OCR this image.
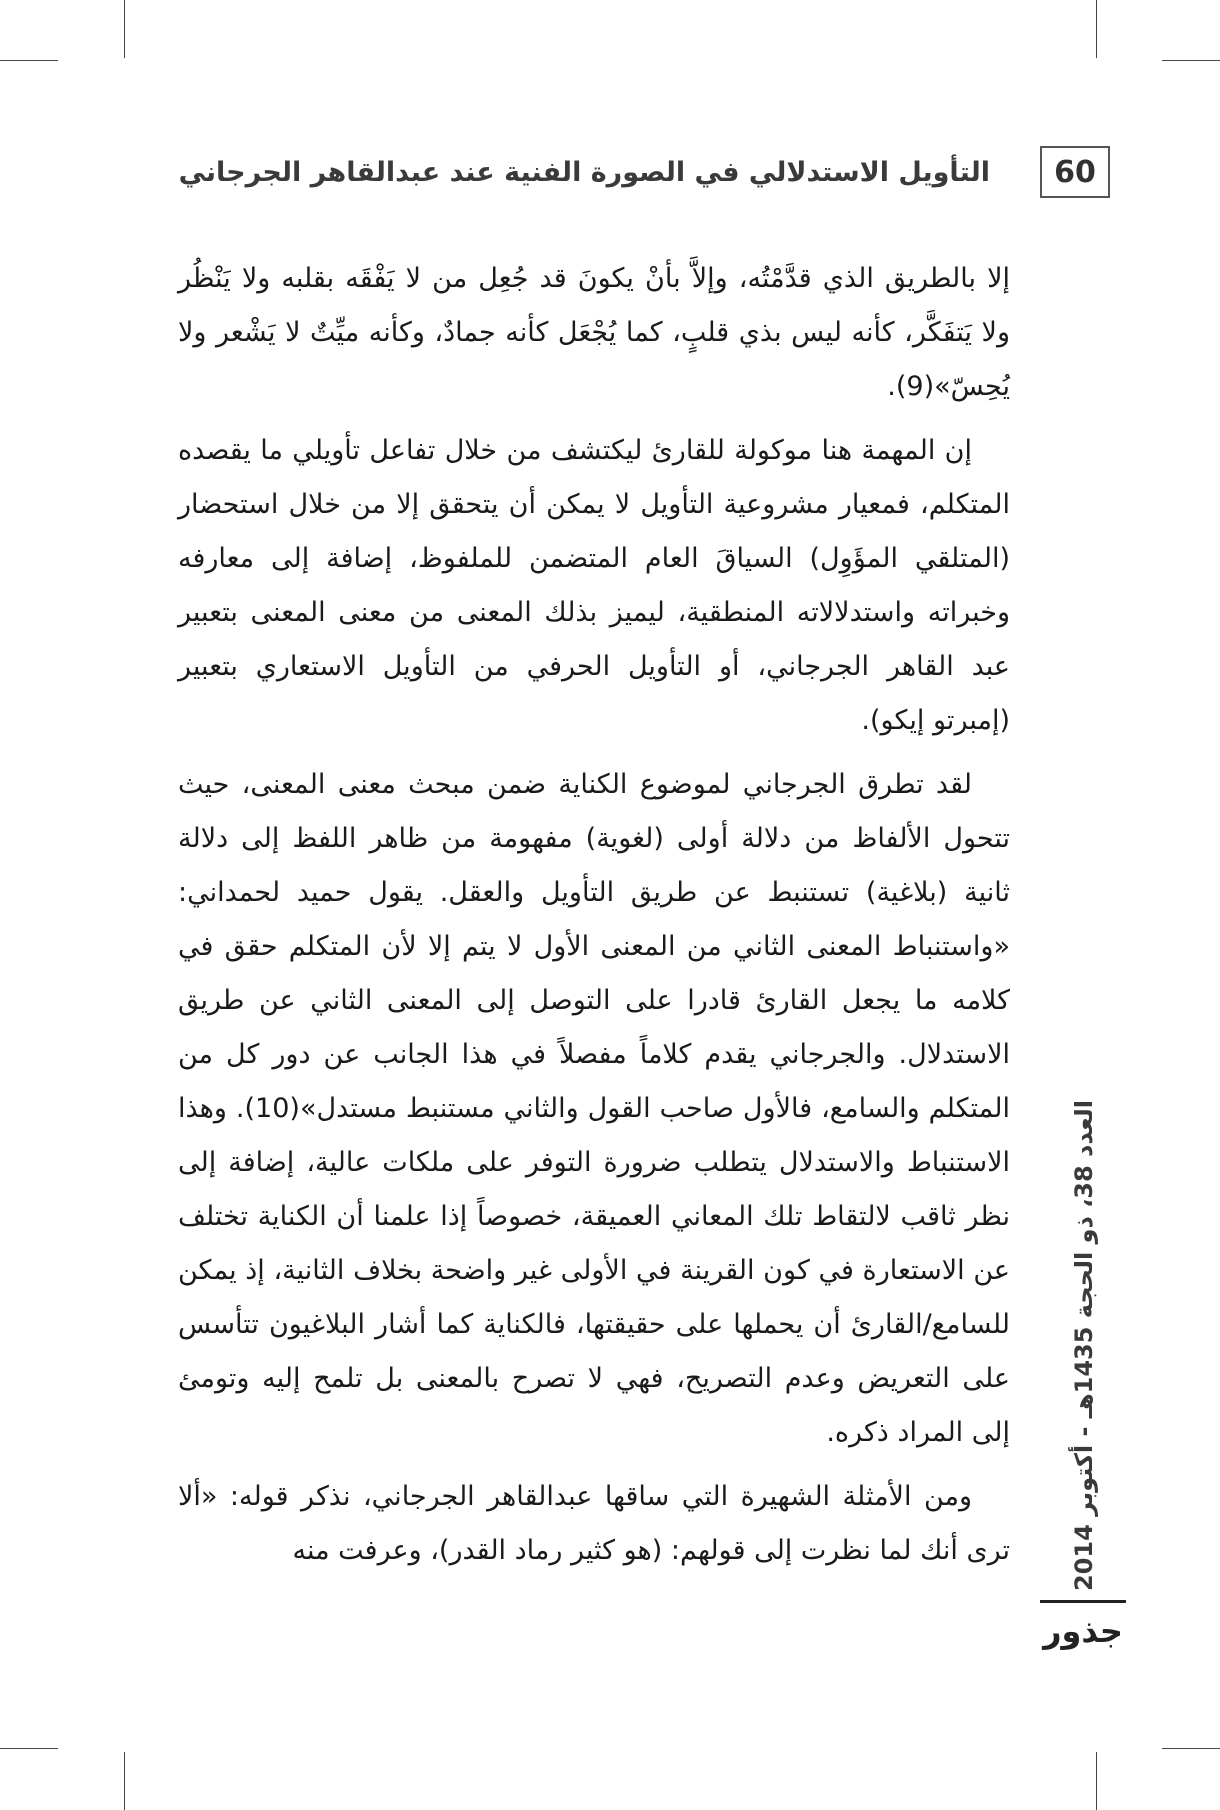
60
التأويل الاستدلالي في الصورة الفنية عند عبدالقاهر الجرجاني

إلا بالطريق الذي قدَّمْتُه، وإلاَّ بأنْ يكونَ قد جُعِل من لا يَفْقَه بقلبه ولا يَنْظُر ولا يَتفَكَّر، كأنه ليس بذي قلبٍ، كما يُجْعَل كأنه جمادٌ، وكأنه ميِّتٌ لا يَشْعر ولا يُحِسّ»(9).

إن المهمة هنا موكولة للقارئ ليكتشف من خلال تفاعل تأويلي ما يقصده المتكلم، فمعيار مشروعية التأويل لا يمكن أن يتحقق إلا من خلال استحضار (المتلقي المؤَوِل) السياقَ العام المتضمن للملفوظ، إضافة إلى معارفه وخبراته واستدلالاته المنطقية، ليميز بذلك المعنى من معنى المعنى بتعبير عبد القاهر الجرجاني، أو التأويل الحرفي من التأويل الاستعاري بتعبير (إمبرتو إيكو).

لقد تطرق الجرجاني لموضوع الكناية ضمن مبحث معنى المعنى، حيث تتحول الألفاظ من دلالة أولى (لغوية) مفهومة من ظاهر اللفظ إلى دلالة ثانية (بلاغية) تستنبط عن طريق التأويل والعقل. يقول حميد لحمداني: «واستنباط المعنى الثاني من المعنى الأول لا يتم إلا لأن المتكلم حقق في كلامه ما يجعل القارئ قادرا على التوصل إلى المعنى الثاني عن طريق الاستدلال. والجرجاني يقدم كلاماً مفصلاً في هذا الجانب عن دور كل من المتكلم والسامع، فالأول صاحب القول والثاني مستنبط مستدل»(10). وهذا الاستنباط والاستدلال يتطلب ضرورة التوفر على ملكات عالية، إضافة إلى نظر ثاقب لالتقاط تلك المعاني العميقة، خصوصاً إذا علمنا أن الكناية تختلف عن الاستعارة في كون القرينة في الأولى غير واضحة بخلاف الثانية، إذ يمكن للسامع/القارئ أن يحملها على حقيقتها، فالكناية كما أشار البلاغيون تتأسس على التعريض وعدم التصريح، فهي لا تصرح بالمعنى بل تلمح إليه وتومئ إلى المراد ذكره.

ومن الأمثلة الشهيرة التي ساقها عبدالقاهر الجرجاني، نذكر قوله: «ألا ترى أنك لما نظرت إلى قولهم: (هو كثير رماد القدر)، وعرفت منه	العدد 38، ذو الحجة 1435هـ - أكتوبر 2014
جذور
